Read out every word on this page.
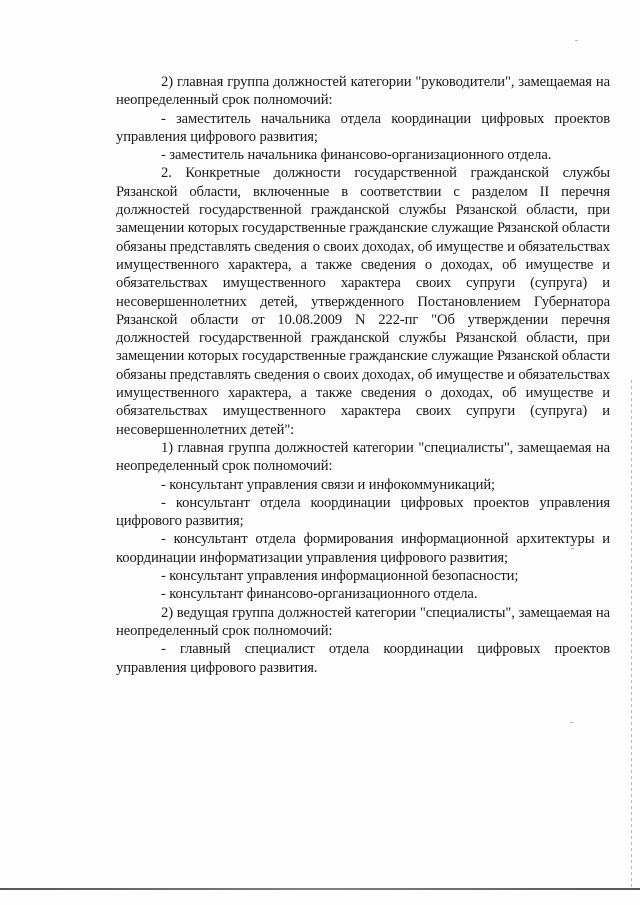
2) главная группа должностей категории "руководители", замещаемая на неопределенный срок полномочий:

- заместитель начальника отдела координации цифровых проектов управления цифрового развития;

- заместитель начальника финансово-организационного отдела.

2. Конкретные должности государственной гражданской службы Рязанской области, включенные в соответствии с разделом II перечня должностей государственной гражданской службы Рязанской области, при замещении которых государственные гражданские служащие Рязанской области обязаны представлять сведения о своих доходах, об имуществе и обязательствах имущественного характера, а также сведения о доходах, об имуществе и обязательствах имущественного характера своих супруги (супруга) и несовершеннолетних детей, утвержденного Постановлением Губернатора Рязанской области от 10.08.2009 N 222-пг "Об утверждении перечня должностей государственной гражданской службы Рязанской области, при замещении которых государственные гражданские служащие Рязанской области обязаны представлять сведения о своих доходах, об имуществе и обязательствах имущественного характера, а также сведения о доходах, об имуществе и обязательствах имущественного характера своих супруги (супруга) и несовершеннолетних детей":

1) главная группа должностей категории "специалисты", замещаемая на неопределенный срок полномочий:

- консультант управления связи и инфокоммуникаций;

- консультант отдела координации цифровых проектов управления цифрового развития;

- консультант отдела формирования информационной архитектуры и координации информатизации управления цифрового развития;

- консультант управления информационной безопасности;

- консультант финансово-организационного отдела.

2) ведущая группа должностей категории "специалисты", замещаемая на неопределенный срок полномочий:

- главный специалист отдела координации цифровых проектов управления цифрового развития.
